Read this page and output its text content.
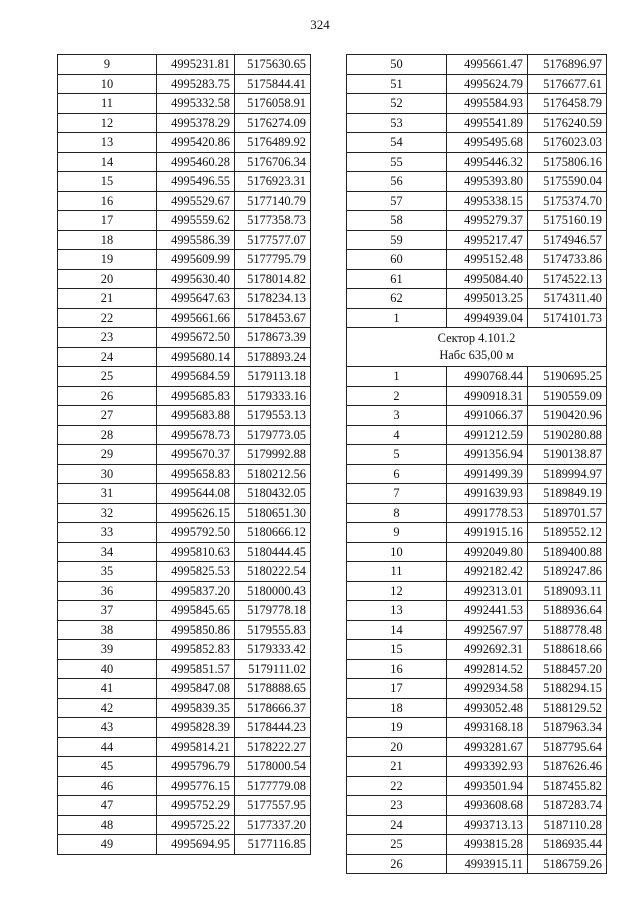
324
9	4995231.81	5175630.65
10	4995283.75	5175844.41
11	4995332.58	5176058.91
12	4995378.29	5176274.09
13	4995420.86	5176489.92
14	4995460.28	5176706.34
15	4995496.55	5176923.31
16	4995529.67	5177140.79
17	4995559.62	5177358.73
18	4995586.39	5177577.07
19	4995609.99	5177795.79
20	4995630.40	5178014.82
21	4995647.63	5178234.13
22	4995661.66	5178453.67
23	4995672.50	5178673.39
24	4995680.14	5178893.24
25	4995684.59	5179113.18
26	4995685.83	5179333.16
27	4995683.88	5179553.13
28	4995678.73	5179773.05
29	4995670.37	5179992.88
30	4995658.83	5180212.56
31	4995644.08	5180432.05
32	4995626.15	5180651.30
33	4995792.50	5180666.12
34	4995810.63	5180444.45
35	4995825.53	5180222.54
36	4995837.20	5180000.43
37	4995845.65	5179778.18
38	4995850.86	5179555.83
39	4995852.83	5179333.42
40	4995851.57	5179111.02
41	4995847.08	5178888.65
42	4995839.35	5178666.37
43	4995828.39	5178444.23
44	4995814.21	5178222.27
45	4995796.79	5178000.54
46	4995776.15	5177779.08
47	4995752.29	5177557.95
48	4995725.22	5177337.20
49	4995694.95	5177116.85
50	4995661.47	5176896.97
51	4995624.79	5176677.61
52	4995584.93	5176458.79
53	4995541.89	5176240.59
54	4995495.68	5176023.03
55	4995446.32	5175806.16
56	4995393.80	5175590.04
57	4995338.15	5175374.70
58	4995279.37	5175160.19
59	4995217.47	5174946.57
60	4995152.48	5174733.86
61	4995084.40	5174522.13
62	4995013.25	5174311.40
1	4994939.04	5174101.73

Сектор 4.101.2
Набс 635,00 м		

1	4990768.44	5190695.25
2	4990918.31	5190559.09
3	4991066.37	5190420.96
4	4991212.59	5190280.88
5	4991356.94	5190138.87
6	4991499.39	5189994.97
7	4991639.93	5189849.19
8	4991778.53	5189701.57
9	4991915.16	5189552.12
10	4992049.80	5189400.88
11	4992182.42	5189247.86
12	4992313.01	5189093.11
13	4992441.53	5188936.64
14	4992567.97	5188778.48
15	4992692.31	5188618.66
16	4992814.52	5188457.20
17	4992934.58	5188294.15
18	4993052.48	5188129.52
19	4993168.18	5187963.34
20	4993281.67	5187795.64
21	4993392.93	5187626.46
22	4993501.94	5187455.82
23	4993608.68	5187283.74
24	4993713.13	5187110.28
25	4993815.28	5186935.44
26	4993915.11	5186759.26
